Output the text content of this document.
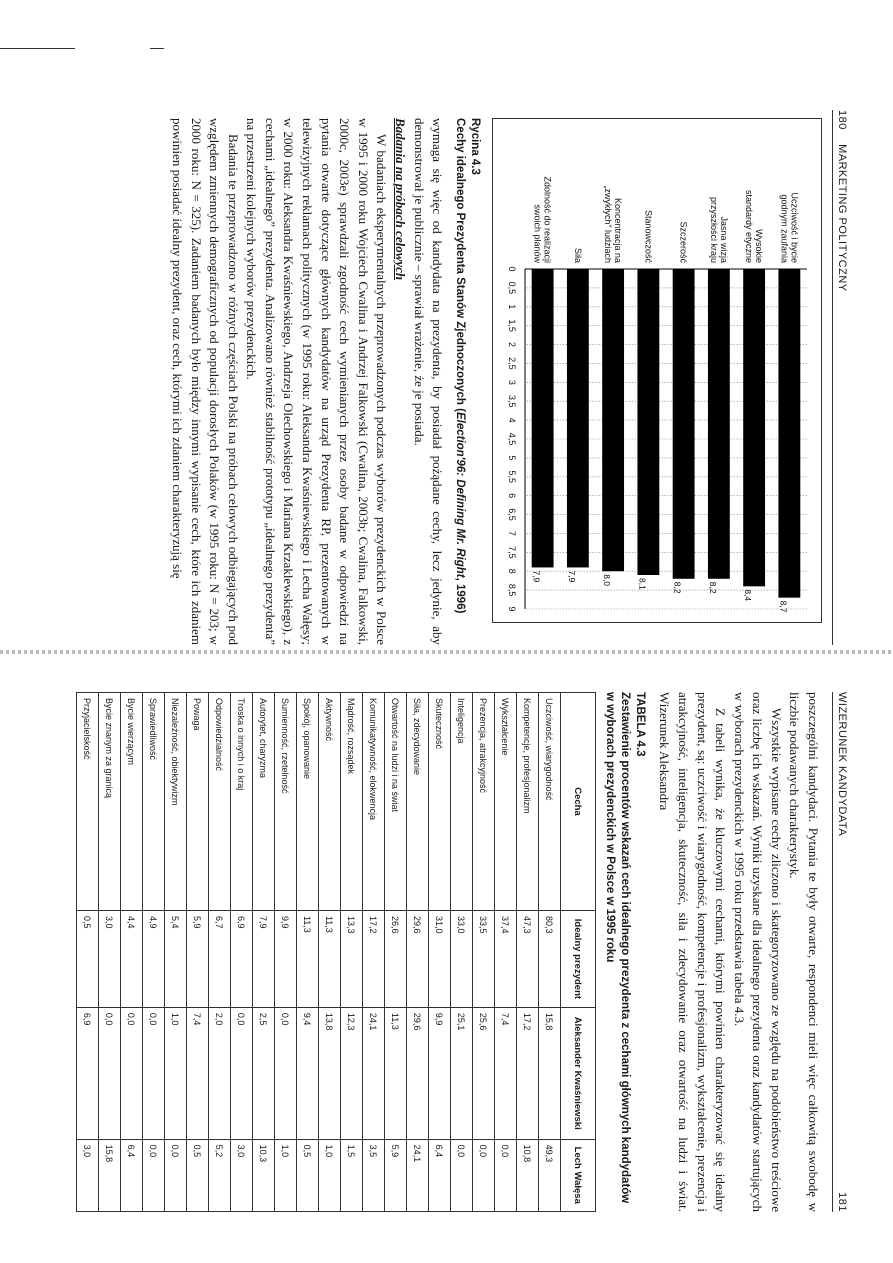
180    MARKETING POLITYCZNY
0
0,5
1
1,5
2
2,5
3
3,5
4
4,5
5
5,5
6
6,5
7
7,5
8
8,5
9	8,7
Uczciwość i byciegodnym zaufania
8,4
Wysokiestandardy etyczne
8,2
Jasna wizjaprzyszłości kraju
8,2
Szczerość
8,1
Stanowczość
8,0
Koncentracja na„zwykłych” ludziach
7,9
Siła
7,9
Zdolność do realizacjiswoich planów
Rycina 4.3
Cechy idealnego Prezydenta Stanów Zjednoczonych (Election'96: Defining Mr. Right, 1996)

wymaga się więc od kandydata na prezydenta, by posiadał pożądane cechy, lecz jedynie, aby demonstrował je publicznie – sprawiał wrażenie, że je posiada.

Badania na próbach celowych

W badaniach eksperymentalnych przeprowadzonych podczas wyborów prezydenckich w Polsce w 1995 i 2000 roku Wojciech Cwalina i Andrzej Falkowski (Cwalina, 2003b; Cwalina, Falkowski, 2000c, 2003e) sprawdzali zgodność cech wymienianych przez osoby badane w odpowiedzi na pytania otwarte dotyczące głównych kandydatów na urząd Prezydenta RP, prezentowanych w telewizyjnych reklamach politycznych (w 1995 roku: Aleksandra Kwaśniewskiego i Lecha Wałęsy; w 2000 roku: Aleksandra Kwaśniewskiego, Andrzeja Olechowskiego i Mariana Krzaklewskiego), z cechami „idealnego” prezydenta. Analizowano również stabilność prototypu „idealnego prezydenta” na przestrzeni kolejnych wyborów prezydenckich.

Badania te przeprowadzono w różnych częściach Polski na próbach celowych odbiegających pod względem zmiennych demograficznych od populacji dorosłych Polaków (w 1995 roku: N = 203; w 2000 roku: N = 325). Zadaniem badanych było między innymi wypisanie cech, które ich zdaniem powinien posiadać idealny prezydent, oraz cech, którymi ich zdaniem charakteryzują się

WIZERUNEK KANDYDATA
181

poszczególni kandydaci. Pytania te były otwarte, respondenci mieli więc całkowitą swobodę w liczbie podawanych charakterystyk.

Wszystkie wypisane cechy zliczono i skategoryzowano ze względu na podobieństwo treściowe oraz liczbę ich wskazań. Wyniki uzyskane dla idealnego prezydenta oraz kandydatów startujących w wyborach prezydenckich w 1995 roku przedstawia tabela 4.3.

Z tabeli wynika, że kluczowymi cechami, którymi powinien charakteryzować się idealny prezydent, są: uczciwość i wiarygodność, kompetencje i profesjonalizm, wykształcenie, prezencja i atrakcyjność, inteligencja, skuteczność, siła i zdecydowanie oraz otwartość na ludzi i świat. Wizerunek Aleksandra

TABELA 4.3
Zestawienie procentów wskazań cech idealnego prezydenta z cechami głównych kandydatów w wyborach prezydenckich w Polsce w 1995 roku
Cecha	Idealny prezydent	Aleksander Kwaśniewski	Lech Wałęsa
Uczciwość, wiarygodność	80,3	15,8	49,3
Kompetencje, profesjonalizm	47,3	17,2	10,8
Wykształcenie	37,4	7,4	0,0
Prezencja, atrakcyjność	33,5	25,6	0,0
Inteligencja	33,0	25,1	0,0
Skuteczność	31,0	9,9	6,4
Siła, zdecydowanie	29,6	29,6	24,1
Otwartość na ludzi i na świat	26,6	11,3	5,9
Komunikatywność, elokwencja	17,2	24,1	3,5
Mądrość, rozsądek	13,3	12,3	1,5
Aktywność	11,3	13,8	1,0
Spokój, opanowanie	11,3	9,4	0,5
Sumienność, rzetelność	9,9	0,0	1,0
Autorytet, charyzma	7,9	2,5	10,3
Troska o innych i o kraj	6,9	0,0	3,0
Odpowiedzialność	6,7	2,0	5,2
Powaga	5,9	7,4	0,5
Niezależność, obiektywizm	5,4	1,0	0,0
Sprawiedliwość	4,9	0,0	0,0
Bycie wierzącym	4,4	0,0	6,4
Bycie znanym za granicą	3,0	0,0	15,8
Przyjacielskość	0,5	6,9	3,0
